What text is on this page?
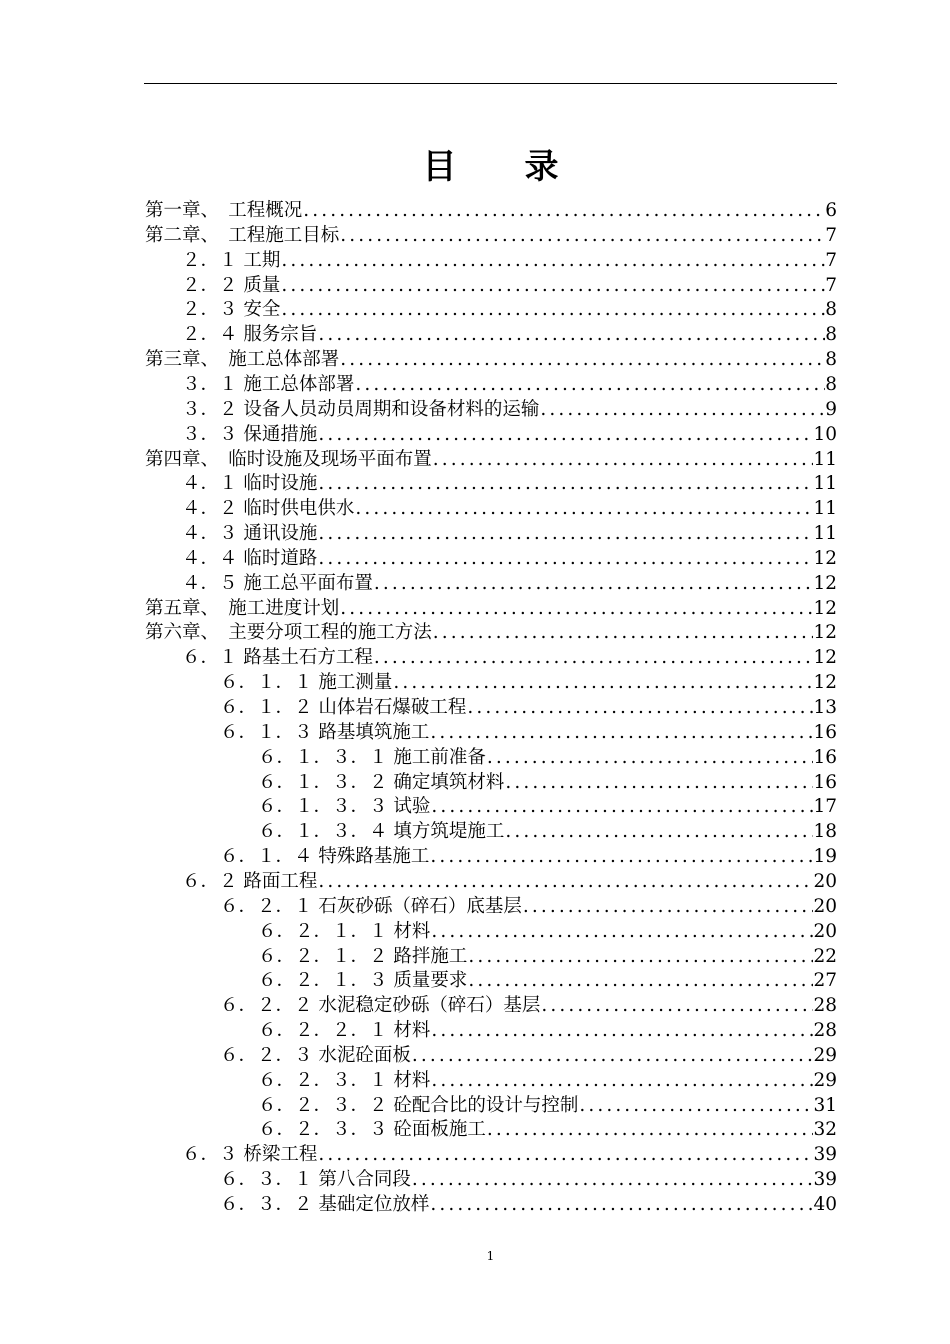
目　　录
第一章、　工程概况 .....	6
第二章、　工程施工目标 .....	7
２．１ 工期 .....	7
２．２ 质量 .....	7
２．３ 安全 .....	8
２．４ 服务宗旨 .....	8
第三章、　施工总体部署 .....	8
３．１ 施工总体部署 .....	8
３．２ 设备人员动员周期和设备材料的运输 .....	9
３．３ 保通措施 .....	10
第四章、　临时设施及现场平面布置 .....	11
４．１ 临时设施 .....	11
４．２ 临时供电供水 .....	11
４．３ 通讯设施 .....	11
４．４ 临时道路 .....	12
４．５ 施工总平面布置 .....	12
第五章、　施工进度计划 .....	12
第六章、　主要分项工程的施工方法 .....	12
６．１ 路基土石方工程 .....	12
６．１．１ 施工测量 .....	12
６．１．２ 山体岩石爆破工程 .....	13
６．１．３ 路基填筑施工 .....	16
６．１．３．１ 施工前准备 .....	16
６．１．３．２ 确定填筑材料 .....	16
６．１．３．３ 试验 .....	17
６．１．３．４ 填方筑堤施工 .....	18
６．１．４ 特殊路基施工 .....	19
６．２ 路面工程 .....	20
６．２．１ 石灰砂砾（碎石）底基层 .....	20
６．２．１．１ 材料 .....	20
６．２．１．２ 路拌施工 .....	22
６．２．１．３ 质量要求 .....	27
６．２．２ 水泥稳定砂砾（碎石）基层 .....	28
６．２．２．１ 材料 .....	28
６．２．３ 水泥砼面板 .....	29
６．２．３．１ 材料 .....	29
６．２．３．２ 砼配合比的设计与控制 .....	31
６．２．３．３ 砼面板施工 .....	32
６．３ 桥梁工程 .....	39
６．３．１ 第八合同段 .....	39
６．３．２ 基础定位放样 .....	40
1
